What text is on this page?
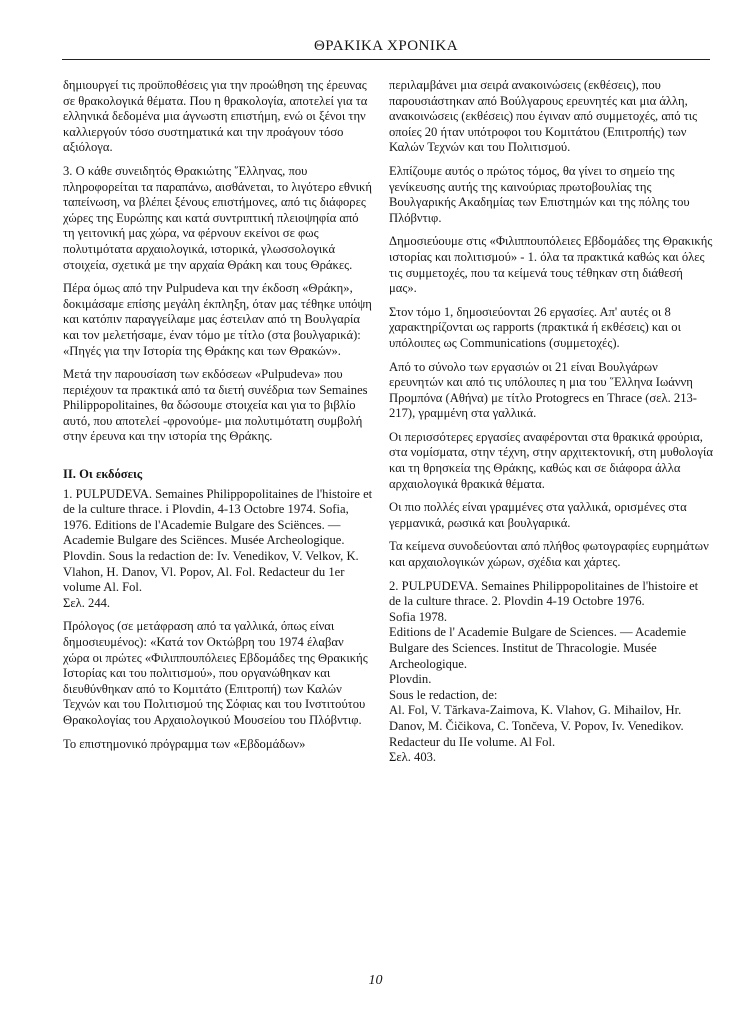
ΘΡΑΚΙΚΑ ΧΡΟΝΙΚΑ

δημιουργεί τις προϋποθέσεις για την προώθηση της έρευνας σε θρακολογικά θέματα. Που η θρακολογία, αποτελεί για τα ελληνικά δεδομένα μια άγνωστη επιστήμη, ενώ οι ξένοι την καλλιεργούν τόσο συστηματικά και την προάγουν τόσο αξιόλογα.

3. Ο κάθε συνειδητός Θρακιώτης ῞Ελληνας, που πληροφορείται τα παραπάνω, αισθάνεται, το λιγότερο εθνική ταπείνωση, να βλέπει ξένους επιστήμονες, από τις διάφορες χώρες της Ευρώπης και κατά συντριπτική πλειοψηφία από τη γειτονική μας χώρα, να φέρνουν εκείνοι σε φως πολυτιμότατα αρχαιολογικά, ιστορικά, γλωσσολογικά στοιχεία, σχετικά με την αρχαία Θράκη και τους Θράκες.

Πέρα όμως από την Pulpudeva και την έκδοση «Θράκη», δοκιμάσαμε επίσης μεγάλη έκπληξη, όταν μας τέθηκε υπόψη και κατόπιν παραγγείλαμε μας έστειλαν από τη Βουλγαρία και τον μελετήσαμε, έναν τόμο με τίτλο (στα βουλγαρικά): «Πηγές για την Ιστορία της Θράκης και των Θρακών».

Μετά την παρουσίαση των εκδόσεων «Pulpudeva» που περιέχουν τα πρακτικά από τα διετή συνέδρια των Semaines Philippopolitaines, θα δώσουμε στοιχεία και για το βιβλίο αυτό, που αποτελεί -φρονούμε- μια πολυτιμότατη συμβολή στην έρευνα και την ιστορία της Θράκης.

ΙΙ. Οι εκδόσεις

1. PULPUDEVA. Semaines Philippopolitaines de l'histoire et de la culture thrace. i Plovdin, 4-13 Octobre 1974. Sofia, 1976. Editions de l'Academie Bulgare des Sciënces. — Academie Bulgare des Sciënces. Musée Archeologique. Plovdin. Sous la redaction de: Iv. Venedikov, V. Velkov, K. Vlahon, H. Danov, Vl. Popov, Al. Fol. Redacteur du 1er volume Al. Fol.

Σελ. 244.

Πρόλογος (σε μετάφραση από τα γαλλικά, όπως είναι δημοσιευμένος): «Κατά τον Οκτώβρη του 1974 έλαβαν χώρα οι πρώτες «Φιλιππουπόλειες Εβδομάδες της Θρακικής Ιστορίας και του πολιτισμού», που οργανώθηκαν και διευθύνθηκαν από το Κομιτάτο (Επιτροπή) των Καλών Τεχνών και του Πολιτισμού της Σόφιας και του Ινστιτούτου Θρακολογίας του Αρχαιολογικού Μουσείου του Πλόβντιφ.

Το επιστημονικό πρόγραμμα των «Εβδομάδων»

περιλαμβάνει μια σειρά ανακοινώσεις (εκθέσεις), που παρουσιάστηκαν από Βούλγαρους ερευνητές και μια άλλη, ανακοινώσεις (εκθέσεις) που έγιναν από συμμετοχές, από τις οποίες 20 ήταν υπότροφοι του Κομιτάτου (Επιτροπής) των Καλών Τεχνών και του Πολιτισμού.

Ελπίζουμε αυτός ο πρώτος τόμος, θα γίνει το σημείο της γενίκευσης αυτής της καινούριας πρωτοβουλίας της Βουλγαρικής Ακαδημίας των Επιστημών και της πόλης του Πλόβντιφ.

Δημοσιεύουμε στις «Φιλιππουπόλειες Εβδομάδες της Θρακικής ιστορίας και πολιτισμού» - 1. όλα τα πρακτικά καθώς και όλες τις συμμετοχές, που τα κείμενά τους τέθηκαν στη διάθεσή μας».

Στον τόμο 1, δημοσιεύονται 26 εργασίες. Απ' αυτές οι 8 χαρακτηρίζονται ως rapports (πρακτικά ή εκθέσεις) και οι υπόλοιπες ως Communications (συμμετοχές).

Από το σύνολο των εργασιών οι 21 είναι Βουλγάρων ερευνητών και από τις υπόλοιπες η μια του ῞Ελληνα Ιωάννη Προμπόνα (Αθήνα) με τίτλο Protogrecs en Thrace (σελ. 213-217), γραμμένη στα γαλλικά.

Οι περισσότερες εργασίες αναφέρονται στα θρακικά φρούρια, στα νομίσματα, στην τέχνη, στην αρχιτεκτονική, στη μυθολογία και τη θρησκεία της Θράκης, καθώς και σε διάφορα άλλα αρχαιολογικά θρακικά θέματα.

Οι πιο πολλές είναι γραμμένες στα γαλλικά, ορισμένες στα γερμανικά, ρωσικά και βουλγαρικά.

Τα κείμενα συνοδεύονται από πλήθος φωτογραφίες ευρημάτων και αρχαιολογικών χώρων, σχέδια και χάρτες.

2. PULPUDEVA. Semaines Philippopolitaines de l'histoire et de la culture thrace. 2. Plovdin 4-19 Octobre 1976.

Sofia 1978.

Editions de l' Academie Bulgare de Sciences. — Academie Bulgare des Sciences. Institut de Thracologie. Musée Archeologique.

Plovdin.

Sous le redaction, de:

Al. Fol, V. Tărkava-Zaimova, K. Vlahov, G. Mihailov, Hr. Danov, M. Čičikova, C. Tončeva, V. Popov, Iv. Venedikov. Redacteur du IIe volume. Al Fol.

Σελ. 403.

10
